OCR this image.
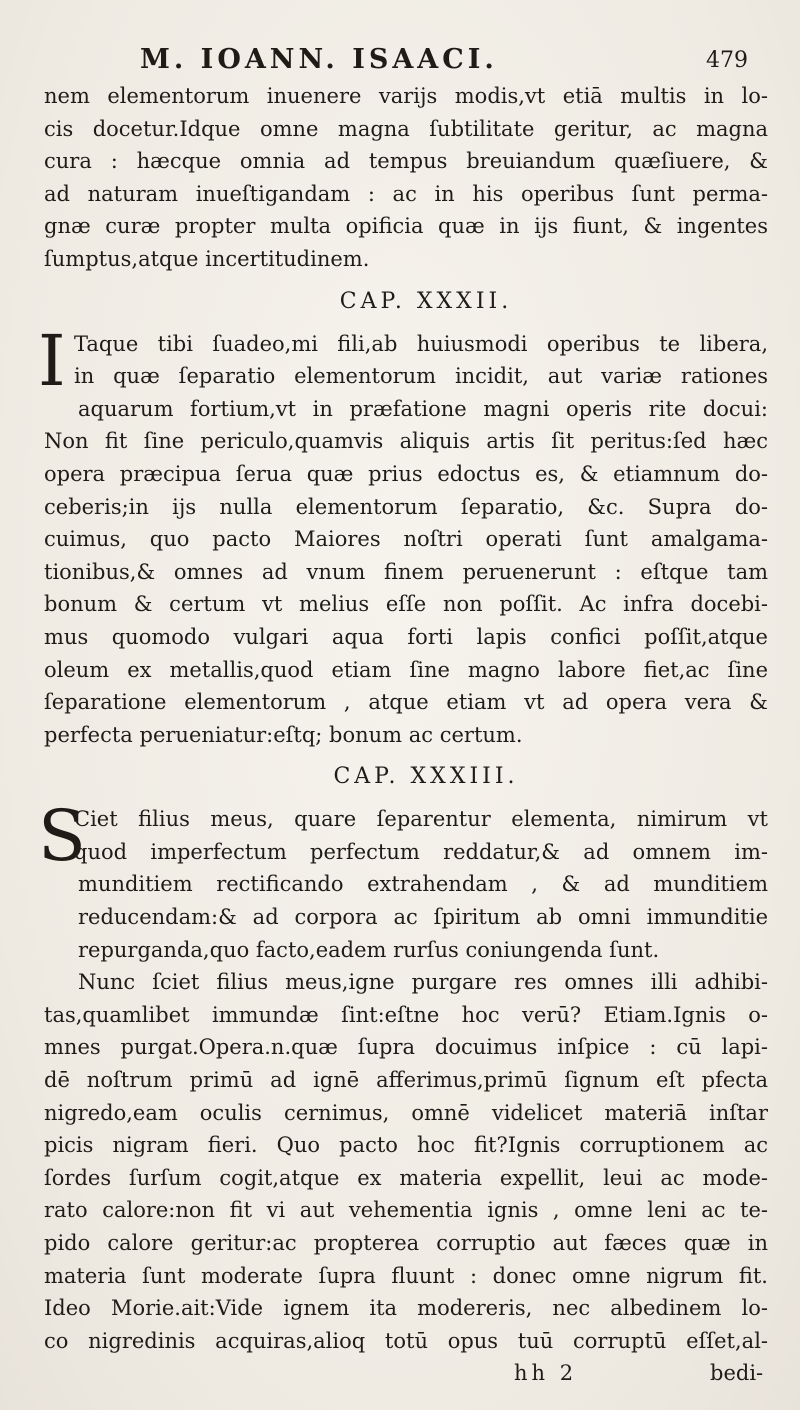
M. IOANN. ISAACI.	479
nem elementorum inuenere varijs modis,vt etiā multis in lo-
cis docetur.Idque omne magna ſubtilitate geritur, ac magna
cura : hæcque omnia ad tempus breuiandum quæſiuere, &
ad naturam inueſtigandam : ac in his operibus ſunt perma-
gnæ curæ propter multa opificia quæ in ijs fiunt, & ingentes
ſumptus,atque incertitudinem.
CAP. XXXII.
I Taque tibi ſuadeo,mi fili,ab huiusmodi operibus te libera,
in quæ ſeparatio elementorum incidit, aut variæ rationes
aquarum fortium,vt in præfatione magni operis rite docui:
Non fit ſine periculo,quamvis aliquis artis ſit peritus:ſed hæc
opera præcipua ſerua quæ prius edoctus es, & etiamnum do-
ceberis;in ijs nulla elementorum ſeparatio, &c. Supra do-
cuimus, quo pacto Maiores noſtri operati ſunt amalgama-
tionibus,& omnes ad vnum finem peruenerunt : eſtque tam
bonum & certum vt melius eſſe non poſſit. Ac infra docebi-
mus quomodo vulgari aqua forti lapis confici poſſit,atque
oleum ex metallis,quod etiam ſine magno labore fiet,ac ſine
ſeparatione elementorum , atque etiam vt ad opera vera &
perfecta perueniatur:eſtq; bonum ac certum.
CAP. XXXIII.
S
Ciet filius meus, quare ſeparentur elementa, nimirum vt
quod imperfectum perfectum reddatur,& ad omnem im-
munditiem rectificando extrahendam , & ad munditiem
reducendam:& ad corpora ac ſpiritum ab omni immunditie
repurganda,quo facto,eadem rurſus coniungenda ſunt.
Nunc ſciet filius meus,igne purgare res omnes illi adhibi-
tas,quamlibet immundæ ſint:eſtne hoc verū? Etiam.Ignis o-
mnes purgat.Opera.n.quæ ſupra docuimus inſpice : cū lapi-
dē noſtrum primū ad ignē afferimus,primū ſignum eſt pfecta
nigredo,eam oculis cernimus, omnē videlicet materiā inſtar
picis nigram fieri. Quo pacto hoc fit?Ignis corruptionem ac
ſordes ſurſum cogit,atque ex materia expellit, leui ac mode-
rato calore:non fit vi aut vehementia ignis , omne leni ac te-
pido calore geritur:ac propterea corruptio aut fæces quæ in
materia ſunt moderate ſupra fluunt : donec omne nigrum fit.
Ideo Morie.ait:Vide ignem ita modereris, nec albedinem lo-
co nigredinis acquiras,alioq totū opus tuū corruptū eſſet,al-
hh 2	bedi-
